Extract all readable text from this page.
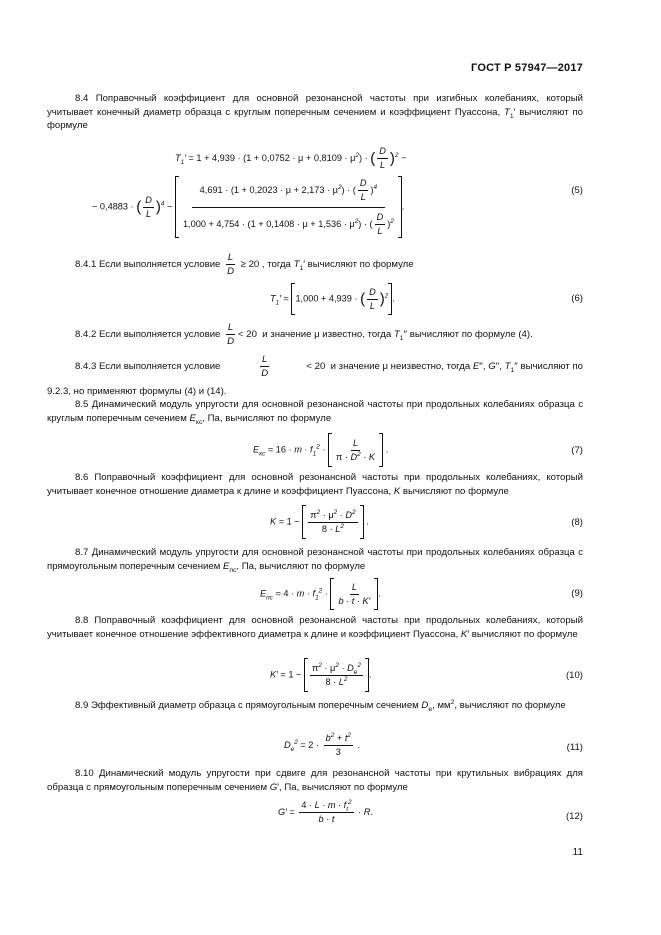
ГОСТ Р 57947—2017
8.4 Поправочный коэффициент для основной резонансной частоты при изгибных колебаниях, который учитывает конечный диаметр образца с круглым поперечным сечением и коэффициент Пуассона, $T_1'$ вычисляют по формуле
$T_1' = 1 + 4,939 \cdot (1 + 0,0752 \cdot \mu + 0,8109 \cdot \mu^2)$ · ( $\frac{D}{L} )^2$ −
− 0,4883 · ( $\frac{D}{L} )^4 - \frac{4,691 \cdot (1 + 0,2023 \cdot \mu + 2,173 \cdot \mu^2) \cdot ( \frac{D}{L} )^4}{1,000 + 4,754 \cdot (1 + 0,1408 \cdot \mu + 1,536 \cdot \mu^2) \cdot ( \frac{D}{L} )^2}$ .
(5)
8.4.1 Если выполняется условие $\frac{L}{D} \ge 20$ , тогда $T_1'$ вычисляют по формуле
$T_1' = 1,000 + 4,939$ · ( $\frac{D}{L} )^2$ .	(6)
8.4.2 Если выполняется условие $\frac{L}{D} < 20$  и значение μ известно, тогда $T_1''$ вычисляют по формуле (4).
8.4.3 Если выполняется условие	$\frac{L}{D}$	< 20  и значение μ неизвестно, тогда E′′, G′′, $T_1''$ вычисляют по
9.2.3, но применяют формулы (4) и (14).
8.5 Динамический модуль упругости для основной резонансной частоты при продольных колебаниях образца с круглым поперечным сечением $E_{кс}$, Па, вычисляют по формуле
$E_{кс} = 16 \cdot m \cdot f_1^2 \cdot \frac{L}{\pi \cdot D^2 \cdot K}$ .	(7)
8.6 Поправочный коэффициент для основной резонансной частоты при продольных колебаниях, который учитывает конечное отношение диаметра к длине и коэффициент Пуассона, K вычисляют по формуле
$K = 1 - \frac{\pi^2 \cdot \mu^2 \cdot D^2}{8 \cdot L^2}$ .	(8)
8.7 Динамический модуль упругости для основной резонансной частоты при продольных колебаниях образца с прямоугольным поперечным сечением $E_{пс}$, Па, вычисляют по формуле
$E_{пс} = 4 \cdot m \cdot f_1^2 \cdot \frac{L}{b \cdot t \cdot K'}$ .	(9)
8.8 Поправочный коэффициент для основной резонансной частоты при продольных колебаниях, который учитывает конечное отношение эффективного диаметра к длине и коэффициент Пуассона, K′ вычисляют по формуле
$K' = 1 - \frac{\pi^2 \cdot \mu^2 \cdot D_e^2}{8 \cdot L^2}$ .	(10)
8.9 Эффективный диаметр образца с прямоугольным поперечным сечением $D_e$, $мм^2$, вычисляют по формуле
$D_e^2 = 2 \cdot \frac{b^2 + t^2}{3}$ .	(11)
8.10 Динамический модуль упругости при сдвиге для резонансной частоты при крутильных вибрациях для образца с прямоугольным поперечным сечением G′, Па, вычисляют по формуле
$G' = \frac{4 \cdot L \cdot m \cdot f_t^2}{b \cdot t} \cdot R$.	(12)
11
